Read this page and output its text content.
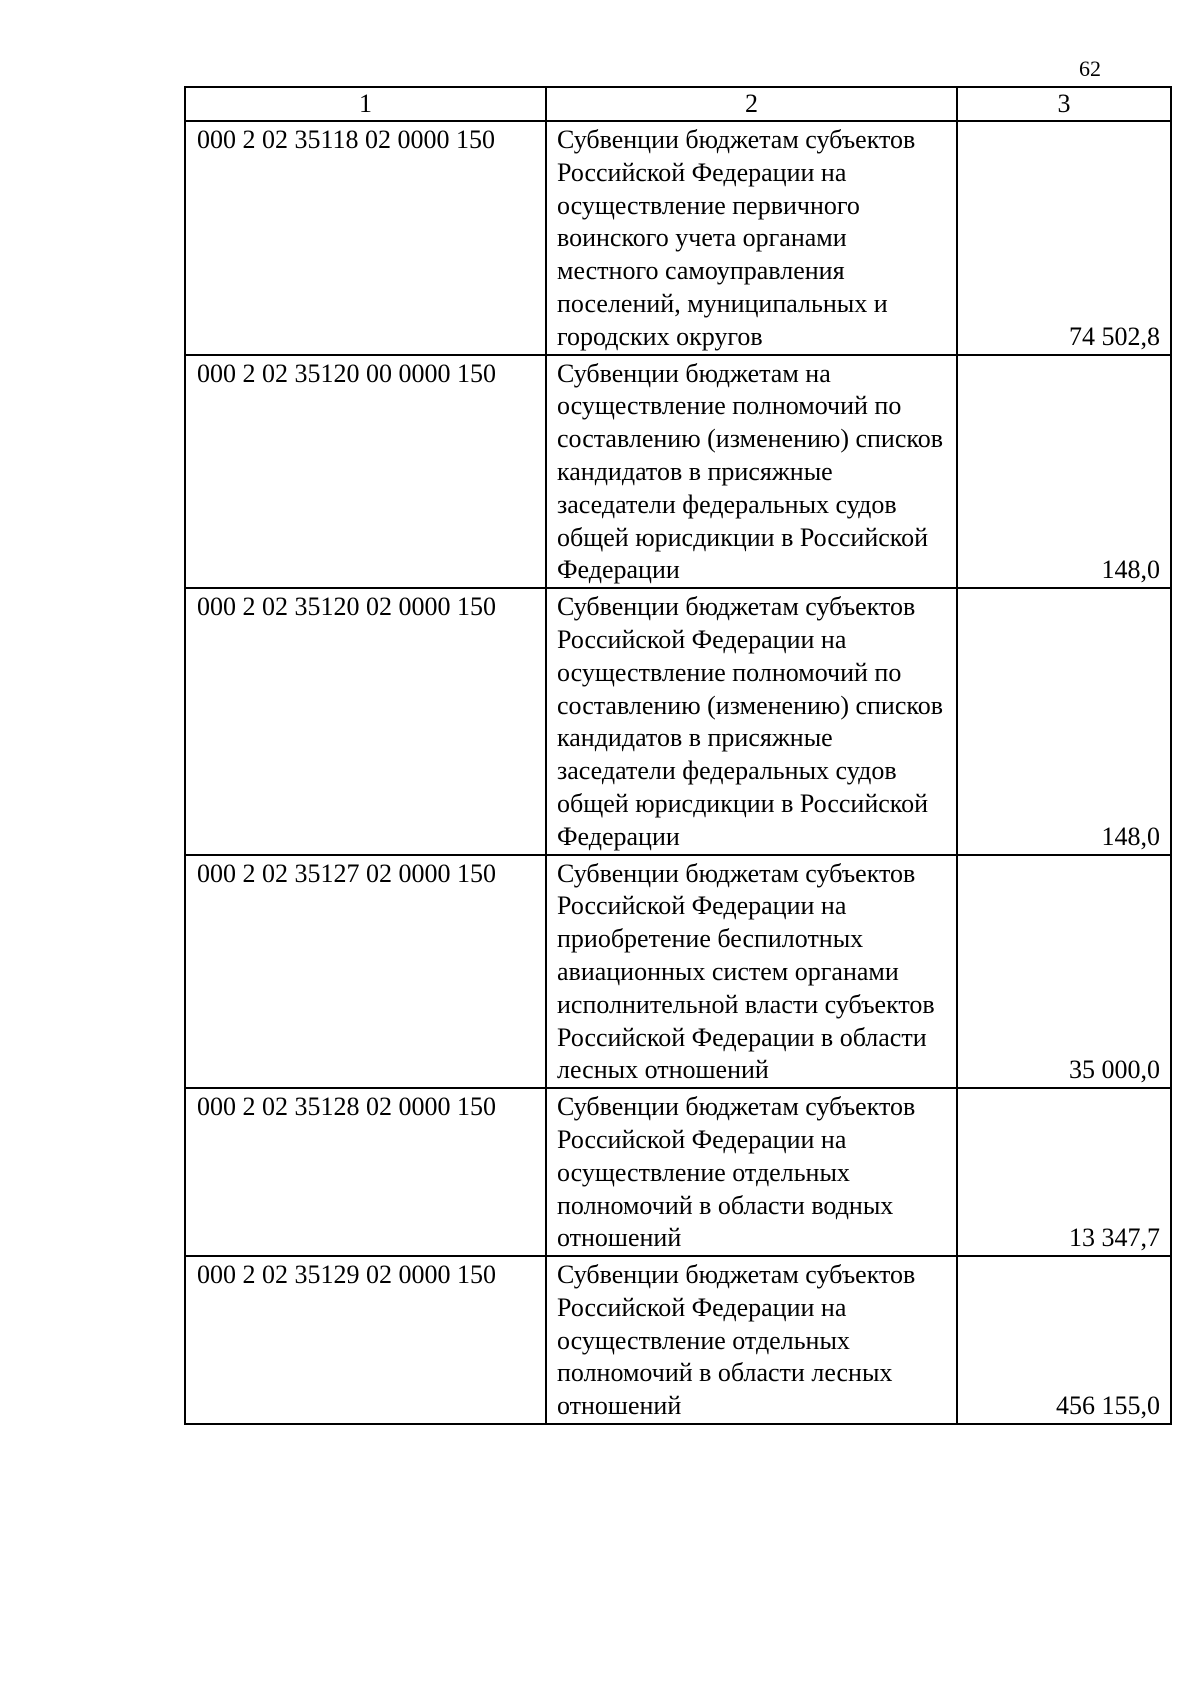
62
1	2	3
000 2 02 35118 02 0000 150	Субвенции бюджетам субъектов Российской Федерации на осуществление первичного воинского учета органами местного самоуправления поселений, муниципальных и городских округов	74 502,8
000 2 02 35120 00 0000 150	Субвенции бюджетам на осуществление полномочий по составлению (изменению) списков кандидатов в присяжные заседатели федеральных судов общей юрисдикции в Российской Федерации	148,0
000 2 02 35120 02 0000 150	Субвенции бюджетам субъектов Российской Федерации на осуществление полномочий по составлению (изменению) списков кандидатов в присяжные заседатели федеральных судов общей юрисдикции в Российской Федерации	148,0
000 2 02 35127 02 0000 150	Субвенции бюджетам субъектов Российской Федерации на приобретение беспилотных авиационных систем органами исполнительной власти субъектов Российской Федерации в области лесных отношений	35 000,0
000 2 02 35128 02 0000 150	Субвенции бюджетам субъектов Российской Федерации на осуществление отдельных полномочий в области водных отношений	13 347,7
000 2 02 35129 02 0000 150	Субвенции бюджетам субъектов Российской Федерации на осуществление отдельных полномочий в области лесных отношений	456 155,0
